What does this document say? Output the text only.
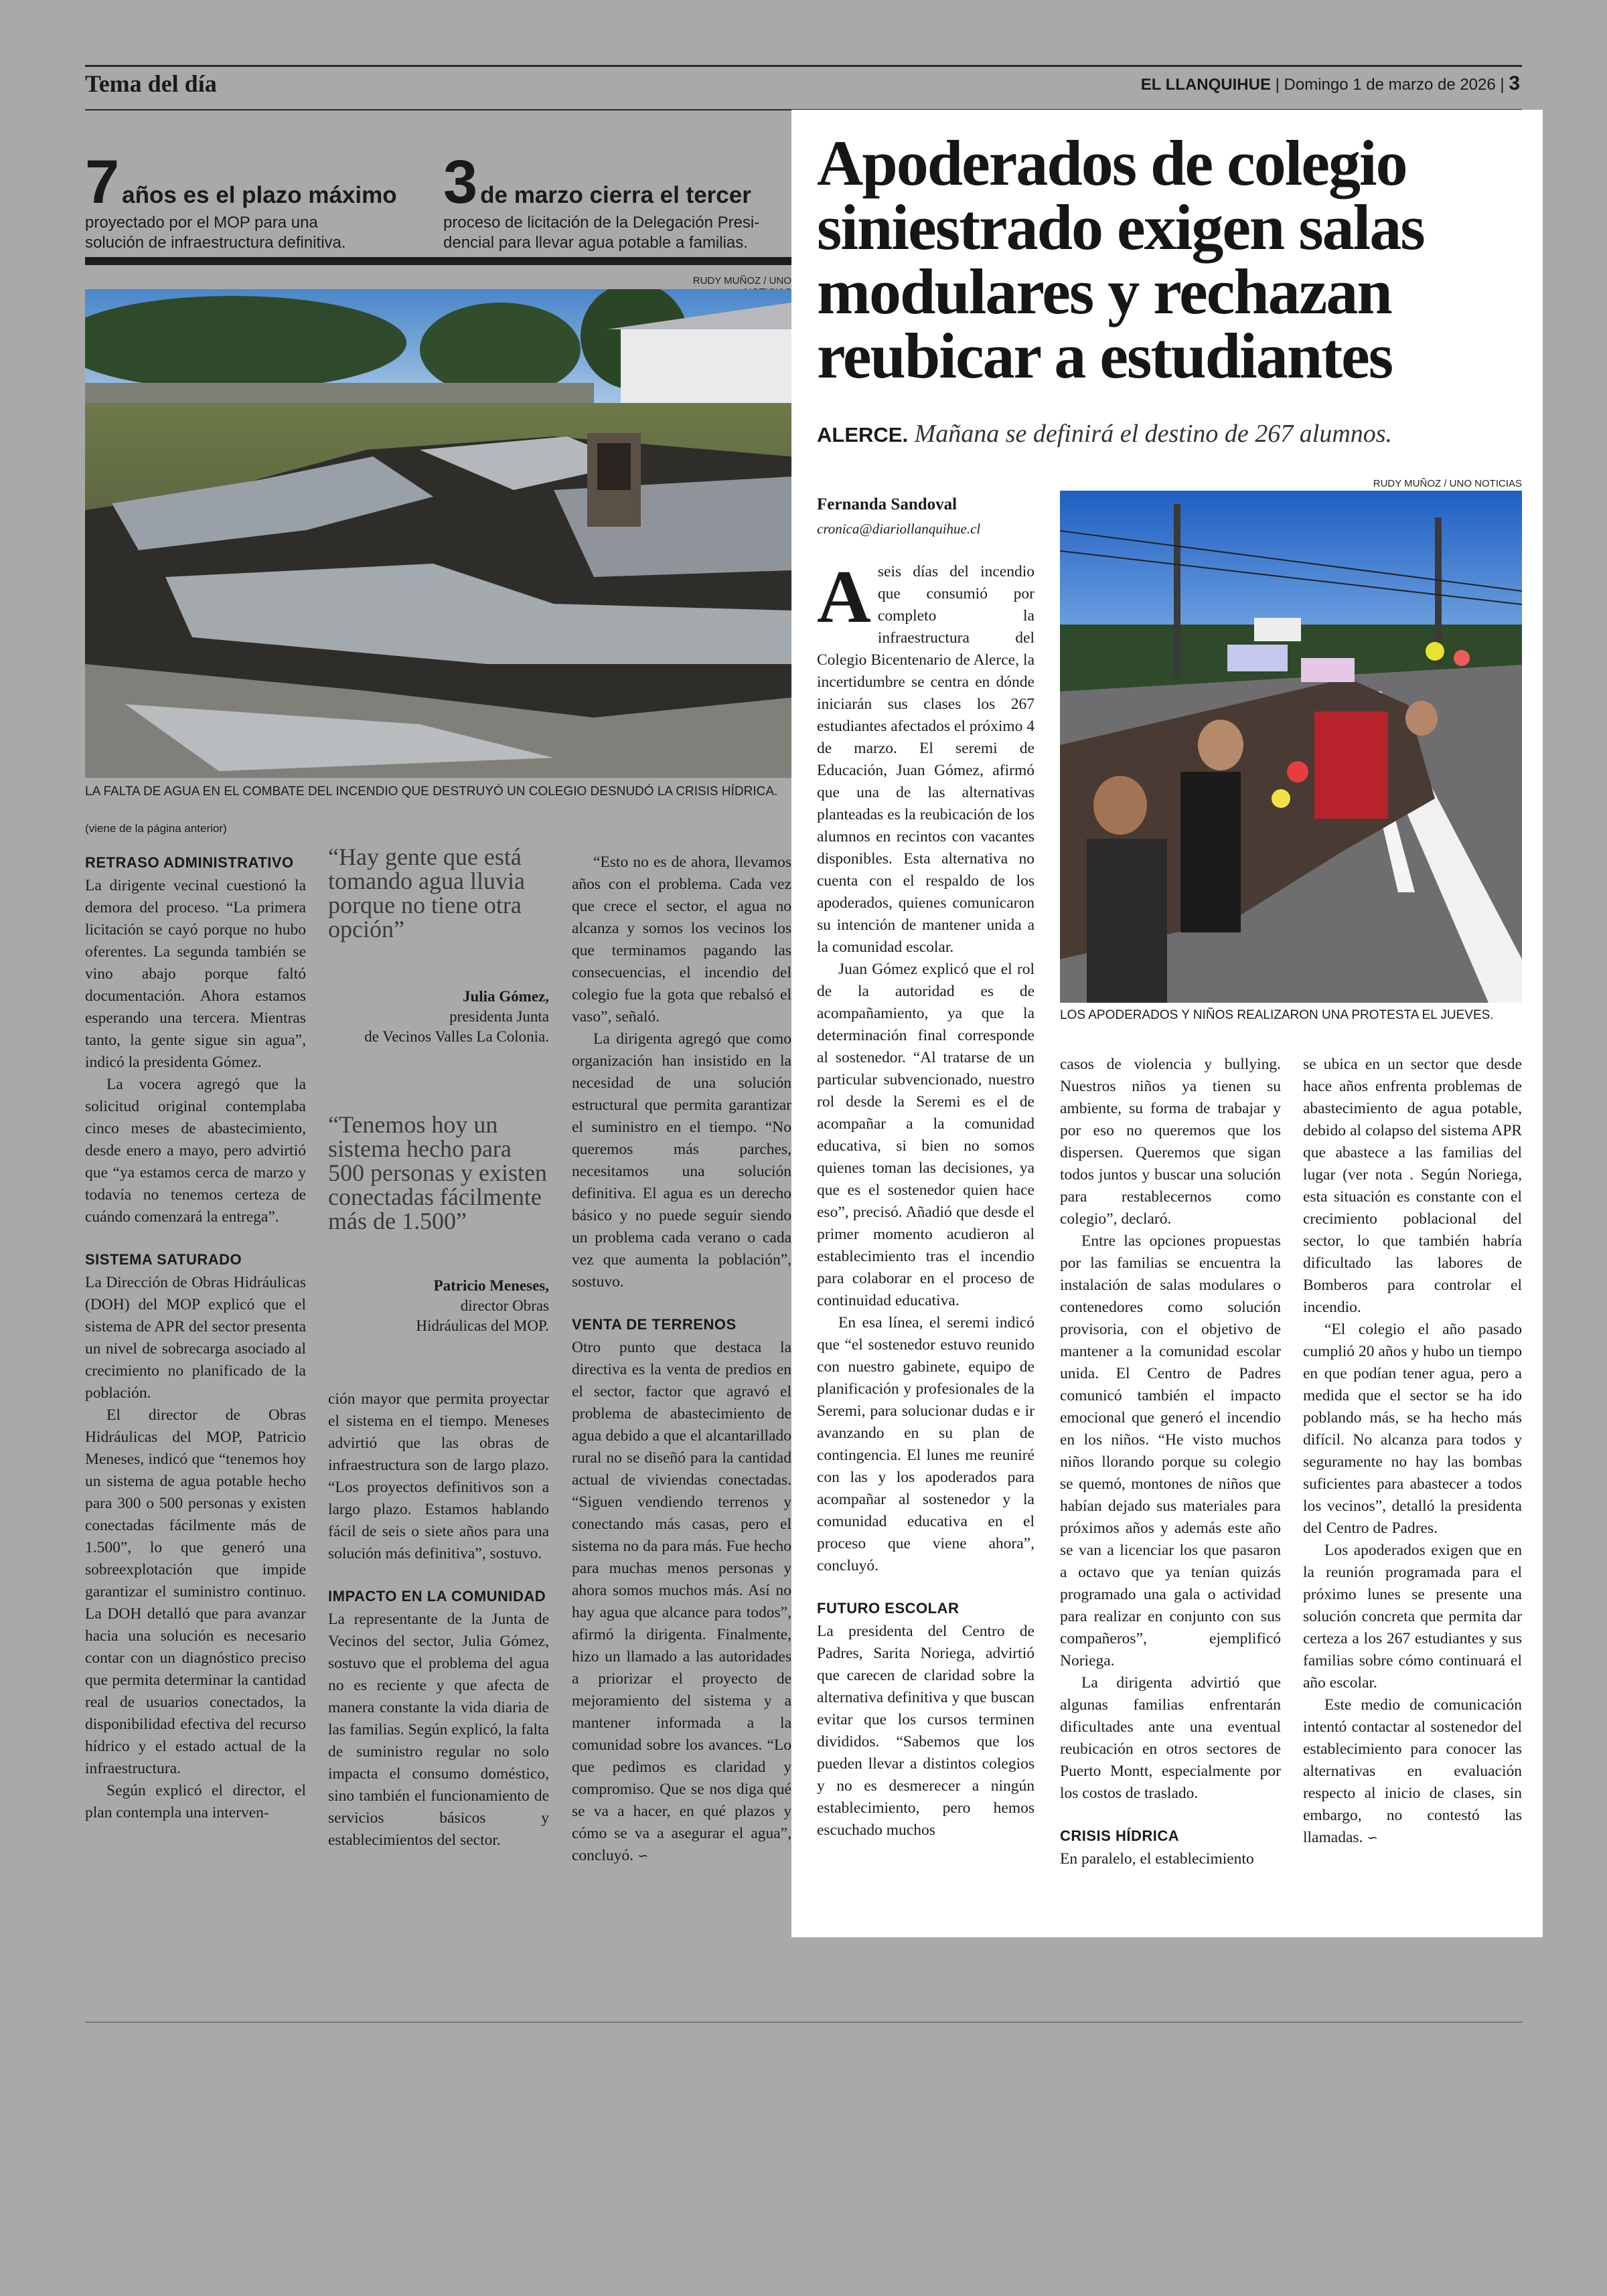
Tema del día	EL LLANQUIHUE | Domingo 1 de marzo de 2026 | 3
7 años es el plazo máximo
proyectado por el MOP para una
solución de infraestructura definitiva.
3 de marzo cierra el tercer
proceso de licitación de la Delegación Presi-
dencial para llevar agua potable a familias.
RUDY MUÑOZ / UNO
LA FALTA DE AGUA EN EL COMBATE DEL INCENDIO QUE DESTRUYÓ UN COLEGIO DESNUDÓ LA CRISIS HÍDRICA.
(viene de la página anterior)
RETRASO ADMINISTRATIVO

La dirigente vecinal cuestionó la demora del proceso. “La primera licitación se cayó porque no hubo oferentes. La segunda también se vino abajo porque faltó documentación. Ahora estamos esperando una tercera. Mientras tanto, la gente sigue sin agua”, indicó la presidenta Gómez.

La vocera agregó que la solicitud original contemplaba cinco meses de abastecimiento, desde enero a mayo, pero advirtió que “ya estamos cerca de marzo y todavía no tenemos certeza de cuándo comenzará la entrega”.

SISTEMA SATURADO

La Dirección de Obras Hidráulicas (DOH) del MOP explicó que el sistema de APR del sector presenta un nivel de sobrecarga asociado al crecimiento no planificado de la población.

El director de Obras Hidráulicas del MOP, Patricio Meneses, indicó que “tenemos hoy un sistema de agua potable hecho para 300 o 500 personas y existen conectadas fácilmente más de 1.500”, lo que generó una sobreexplotación que impide garantizar el suministro continuo. La DOH detalló que para avanzar hacia una solución es necesario contar con un diagnóstico preciso que permita determinar la cantidad real de usuarios conectados, la disponibilidad efectiva del recurso hídrico y el estado actual de la infraestructura.

Según explicó el director, el plan contempla una interven-

“Hay gente que está tomando agua lluvia porque no tiene otra opción”
Julia Gómez,
presidenta Junta
de Vecinos Valles La Colonia.
“Tenemos hoy un sistema hecho para 500 personas y existen conectadas fácilmente más de 1.500”
Patricio Meneses,
director Obras
Hidráulicas del MOP.

ción mayor que permita proyectar el sistema en el tiempo. Meneses advirtió que las obras de infraestructura son de largo plazo. “Los proyectos definitivos son a largo plazo. Estamos hablando fácil de seis o siete años para una solución más definitiva”, sostuvo.

IMPACTO EN LA COMUNIDAD

La representante de la Junta de Vecinos del sector, Julia Gómez, sostuvo que el problema del agua no es reciente y que afecta de manera constante la vida diaria de las familias. Según explicó, la falta de suministro regular no solo impacta el consumo doméstico, sino también el funcionamiento de servicios básicos y establecimientos del sector.

“Esto no es de ahora, llevamos años con el problema. Cada vez que crece el sector, el agua no alcanza y somos los vecinos los que terminamos pagando las consecuencias, el incendio del colegio fue la gota que rebalsó el vaso”, señaló.

La dirigenta agregó que como organización han insistido en la necesidad de una solución estructural que permita garantizar el suministro en el tiempo. “No queremos más parches, necesitamos una solución definitiva. El agua es un derecho básico y no puede seguir siendo un problema cada verano o cada vez que aumenta la población”, sostuvo.

VENTA DE TERRENOS

Otro punto que destaca la directiva es la venta de predios en el sector, factor que agravó el problema de abastecimiento de agua debido a que el alcantarillado rural no se diseñó para la cantidad actual de viviendas conectadas. “Siguen vendiendo terrenos y conectando más casas, pero el sistema no da para más. Fue hecho para muchas menos personas y ahora somos muchos más. Así no hay agua que alcance para todos”, afirmó la dirigenta. Finalmente, hizo un llamado a las autoridades a priorizar el proyecto de mejoramiento del sistema y a mantener informada a la comunidad sobre los avances. “Lo que pedimos es claridad y compromiso. Que se nos diga qué se va a hacer, en qué plazos y cómo se va a asegurar el agua”, concluyó. ∽

Apoderados de colegio
siniestrado exigen salas
modulares y rechazan
reubicar a estudiantes
ALERCE. Mañana se definirá el destino de 267 alumnos.
Fernanda Sandoval
cronica@diariollanquihue.cl
RUDY MUÑOZ / UNO NOTICIAS
LOS APODERADOS Y NIÑOS REALIZARON UNA PROTESTA EL JUEVES.

Aseis días del incendio que consumió por completo la infraestructura del Colegio Bicentenario de Alerce, la incertidumbre se centra en dónde iniciarán sus clases los 267 estudiantes afectados el próximo 4 de marzo. El seremi de Educación, Juan Gómez, afirmó que una de las alternativas planteadas es la reubicación de los alumnos en recintos con vacantes disponibles. Esta alternativa no cuenta con el respaldo de los apoderados, quienes comunicaron su intención de mantener unida a la comunidad escolar.

Juan Gómez explicó que el rol de la autoridad es de acompañamiento, ya que la determinación final corresponde al sostenedor. “Al tratarse de un particular subvencionado, nuestro rol desde la Seremi es el de acompañar a la comunidad educativa, si bien no somos quienes toman las decisiones, ya que es el sostenedor quien hace eso”, precisó. Añadió que desde el primer momento acudieron al establecimiento tras el incendio para colaborar en el proceso de continuidad educativa.

En esa línea, el seremi indicó que “el sostenedor estuvo reunido con nuestro gabinete, equipo de planificación y profesionales de la Seremi, para solucionar dudas e ir avanzando en su plan de contingencia. El lunes me reuniré con las y los apoderados para acompañar al sostenedor y la comunidad educativa en el proceso que viene ahora”, concluyó.

FUTURO ESCOLAR

La presidenta del Centro de Padres, Sarita Noriega, advirtió que carecen de claridad sobre la alternativa definitiva y que buscan evitar que los cursos terminen divididos. “Sabemos que los pueden llevar a distintos colegios y no es desmerecer a ningún establecimiento, pero hemos escuchado muchos

casos de violencia y bullying. Nuestros niños ya tienen su ambiente, su forma de trabajar y por eso no queremos que los dispersen. Queremos que sigan todos juntos y buscar una solución para restablecernos como colegio”, declaró.

Entre las opciones propuestas por las familias se encuentra la instalación de salas modulares o contenedores como solución provisoria, con el objetivo de mantener a la comunidad escolar unida. El Centro de Padres comunicó también el impacto emocional que generó el incendio en los niños. “He visto muchos niños llorando porque su colegio se quemó, montones de niños que habían dejado sus materiales para próximos años y además este año se van a licenciar los que pasaron a octavo que ya tenían quizás programado una gala o actividad para realizar en conjunto con sus compañeros”, ejemplificó Noriega.

La dirigenta advirtió que algunas familias enfrentarán dificultades ante una eventual reubicación en otros sectores de Puerto Montt, especialmente por los costos de traslado.

CRISIS HÍDRICA

En paralelo, el establecimiento

se ubica en un sector que desde hace años enfrenta problemas de abastecimiento de agua potable, debido al colapso del sistema APR que abastece a las familias del lugar (ver nota . Según Noriega, esta situación es constante con el crecimiento poblacional del sector, lo que también habría dificultado las labores de Bomberos para controlar el incendio.

“El colegio el año pasado cumplió 20 años y hubo un tiempo en que podían tener agua, pero a medida que el sector se ha ido poblando más, se ha hecho más difícil. No alcanza para todos y seguramente no hay las bombas suficientes para abastecer a todos los vecinos”, detalló la presidenta del Centro de Padres.

Los apoderados exigen que en la reunión programada para el próximo lunes se presente una solución concreta que permita dar certeza a los 267 estudiantes y sus familias sobre cómo continuará el año escolar.

Este medio de comunicación intentó contactar al sostenedor del establecimiento para conocer las alternativas en evaluación respecto al inicio de clases, sin embargo, no contestó las llamadas. ∽
